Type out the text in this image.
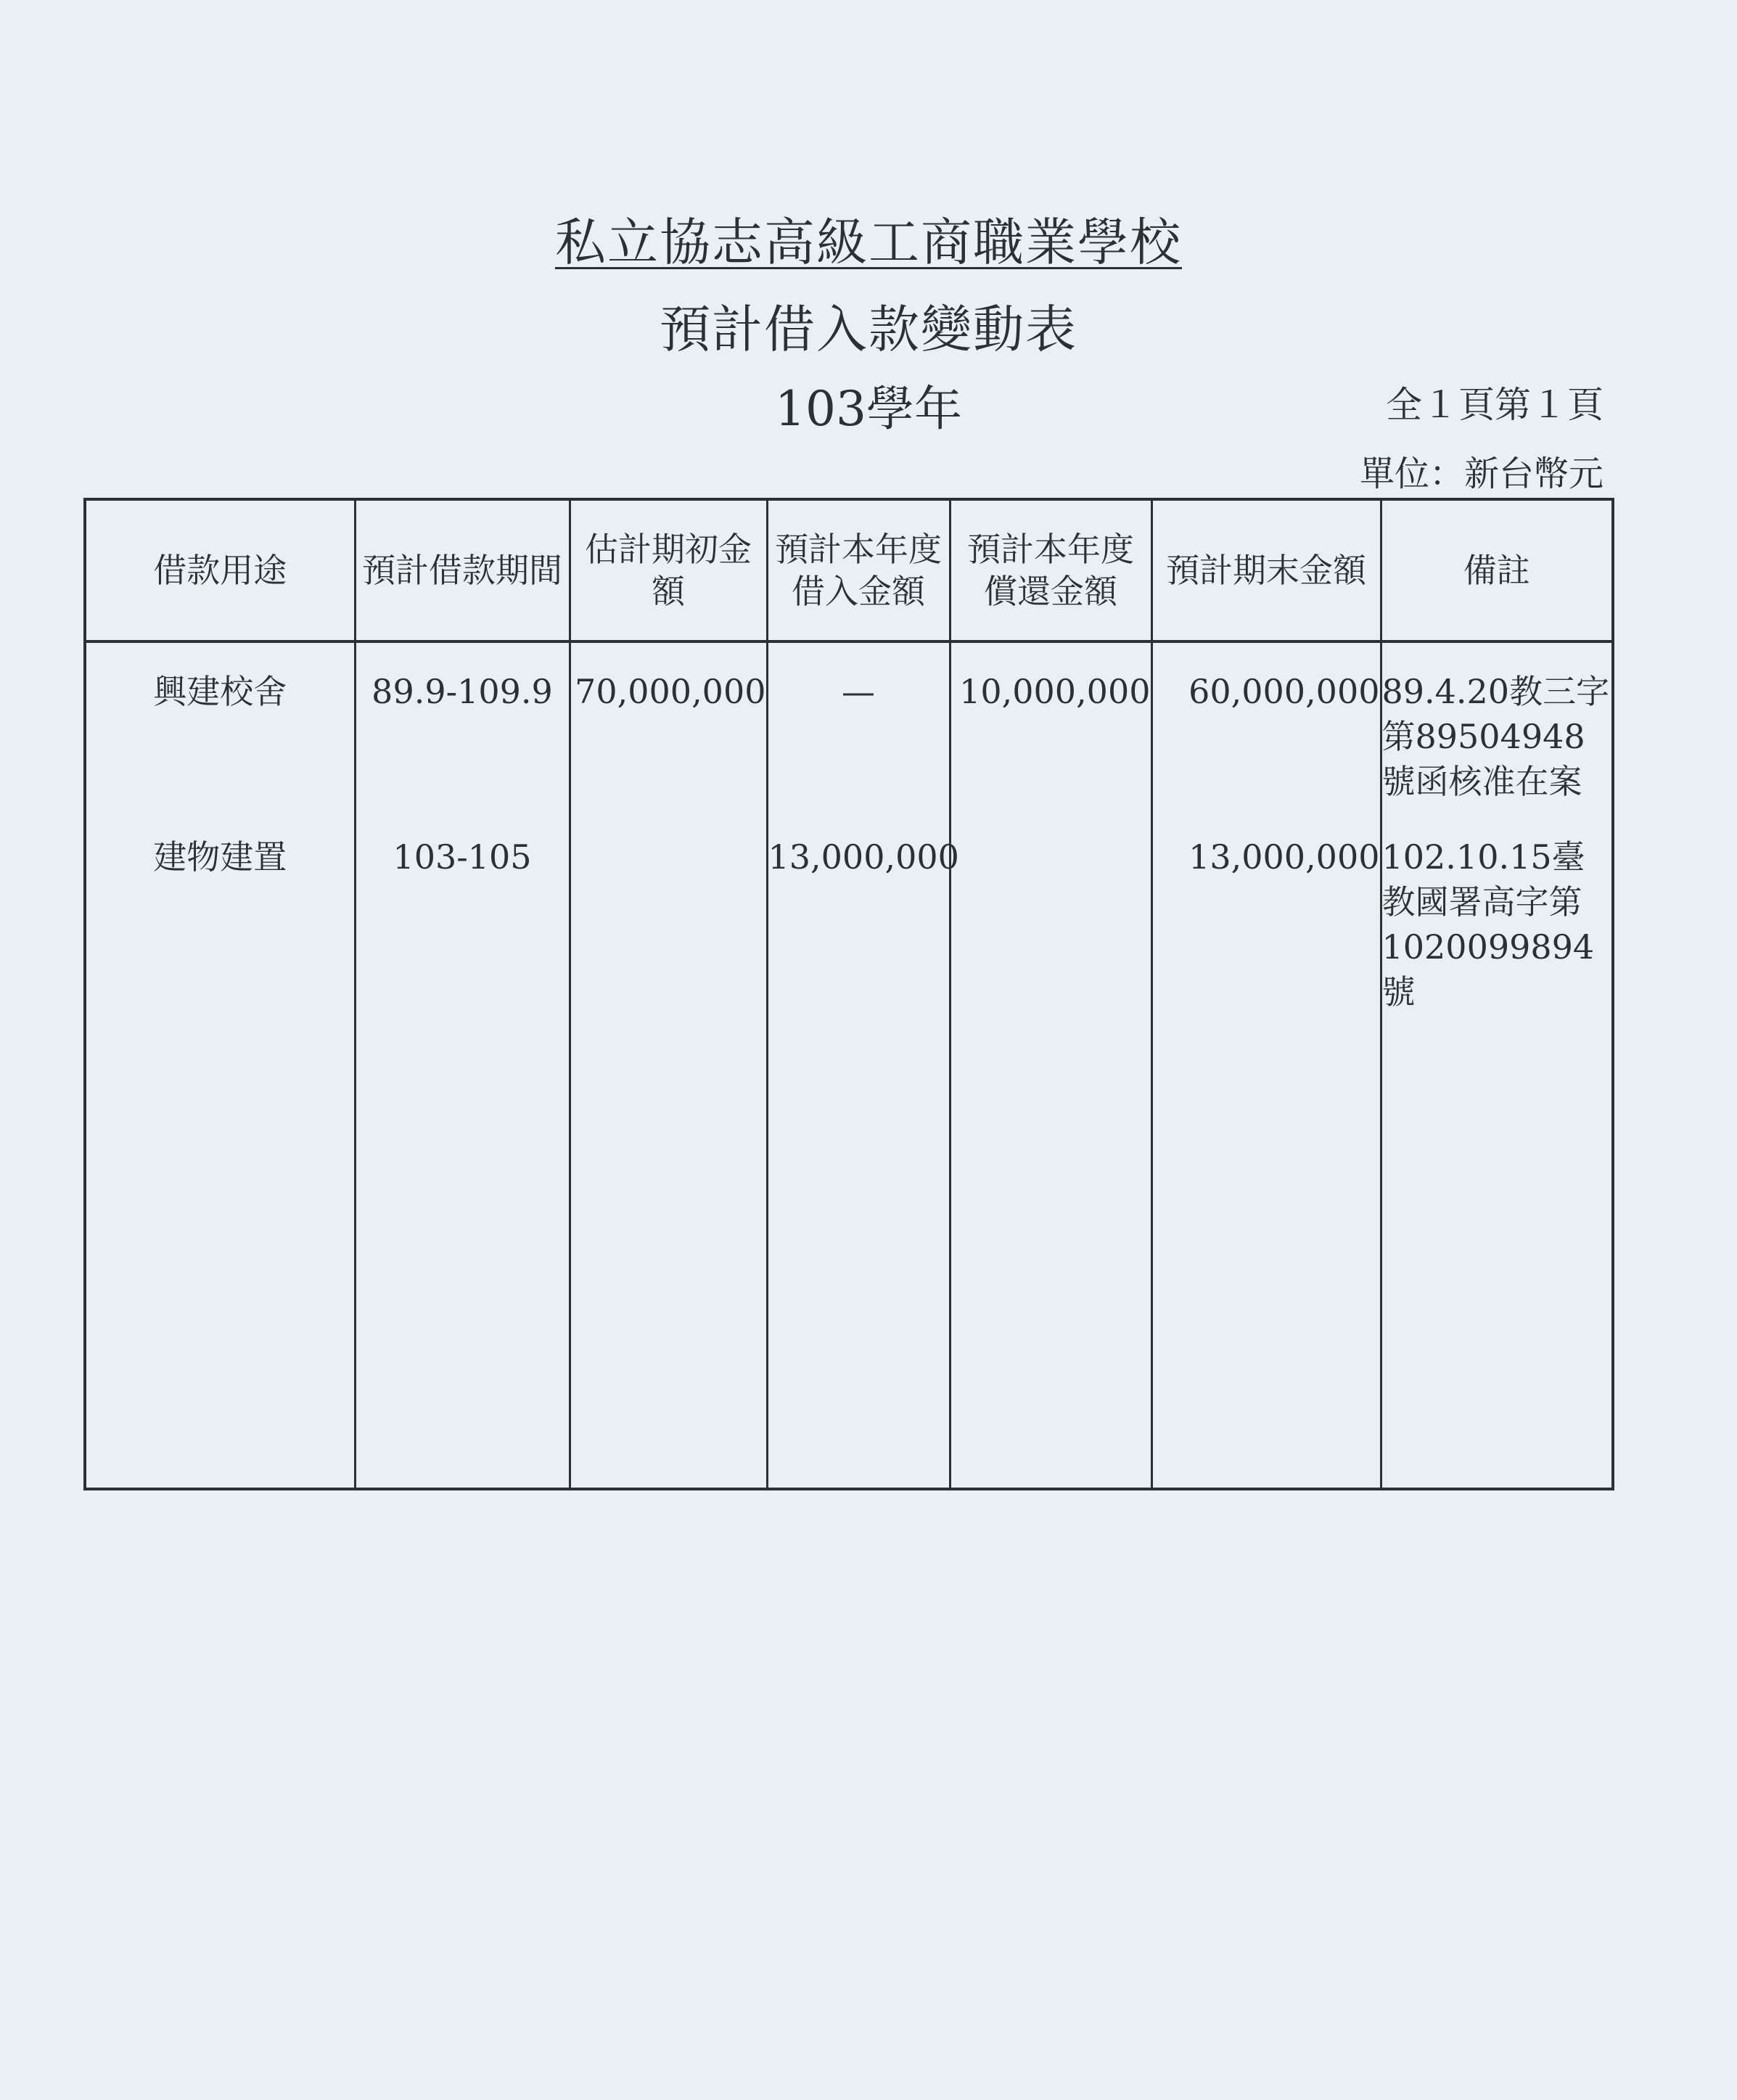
私立協志高級工商職業學校
預計借入款變動表
103學年	全１頁第１頁
單位：新台幣元
借款用途	預計借款期間	估計期初金額	預計本年度借入金額	預計本年度償還金額	預計期末金額	備註
興建校舍	89.9-109.9	70,000,000	—	10,000,000	60,000,000	89.4.20教三字第89504948號函核准在案
建物建置	103-105		13,000,000		13,000,000	102.10.15臺教國署高字第1020099894號
